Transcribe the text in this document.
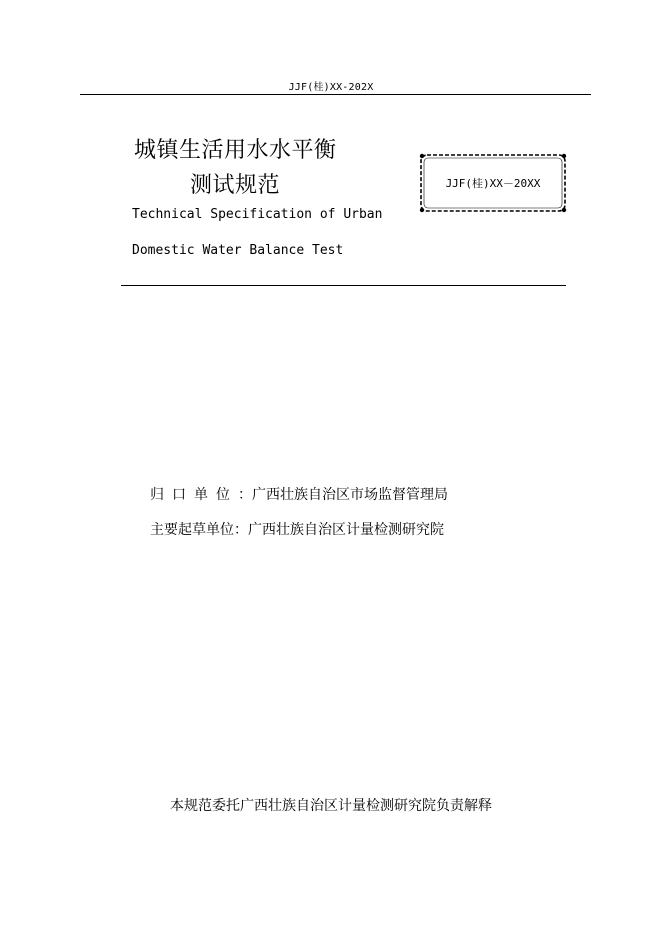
JJF(桂)XX-202X
城镇生活用水水平衡
测试规范
Technical Specification of Urban
Domestic Water Balance Test
JJF(桂)XX－20XX
归口单位：广西壮族自治区市场监督管理局
主要起草单位：广西壮族自治区计量检测研究院
本规范委托广西壮族自治区计量检测研究院负责解释
